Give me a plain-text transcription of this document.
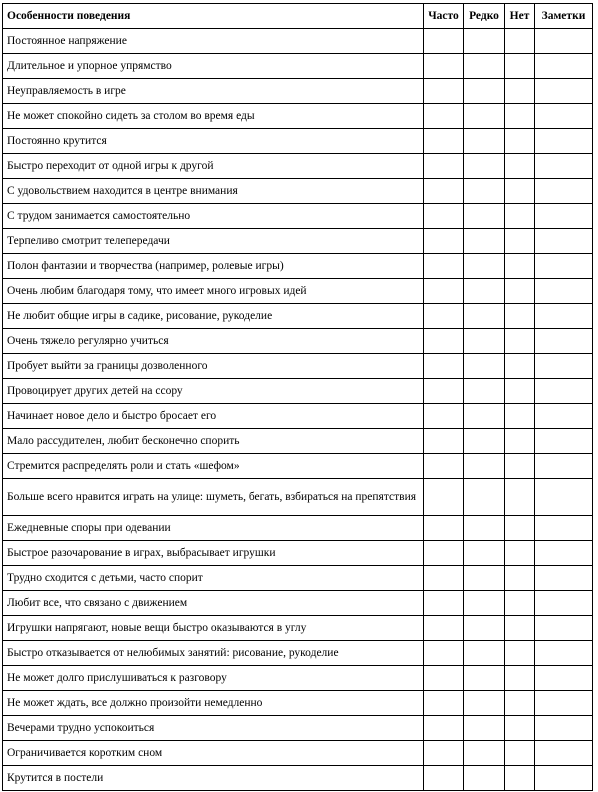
Особенности поведения	Часто	Редко	Нет	Заметки
Постоянное напряжение				
Длительное и упорное упрямство				
Неуправляемость в игре				
Не может спокойно сидеть за столом во время еды				
Постоянно крутится				
Быстро переходит от одной игры к другой				
С удовольствием находится в центре внимания				
С трудом занимается самостоятельно				
Терпеливо смотрит телепередачи				
Полон фантазии и творчества (например, ролевые игры)				
Очень любим благодаря тому, что имеет много игровых идей				
Не любит общие игры в садике, рисование, рукоделие				
Очень тяжело регулярно учиться				
Пробует выйти за границы дозволенного				
Провоцирует других детей на ссору				
Начинает новое дело и быстро бросает его				
Мало рассудителен, любит бесконечно спорить				
Стремится распределять роли и стать «шефом»				
Больше всего нравится играть на улице: шуметь, бегать, взбираться на препятствия				
Ежедневные споры при одевании				
Быстрое разочарование в играх, выбрасывает игрушки				
Трудно сходится с детьми, часто спорит				
Любит все, что связано с движением				
Игрушки напрягают, новые вещи быстро оказываются в углу				
Быстро отказывается от нелюбимых занятий: рисование, рукоделие				
Не может долго прислушиваться к разговору				
Не может ждать, все должно произойти немедленно				
Вечерами трудно успокоиться				
Ограничивается коротким сном				
Крутится в постели				
